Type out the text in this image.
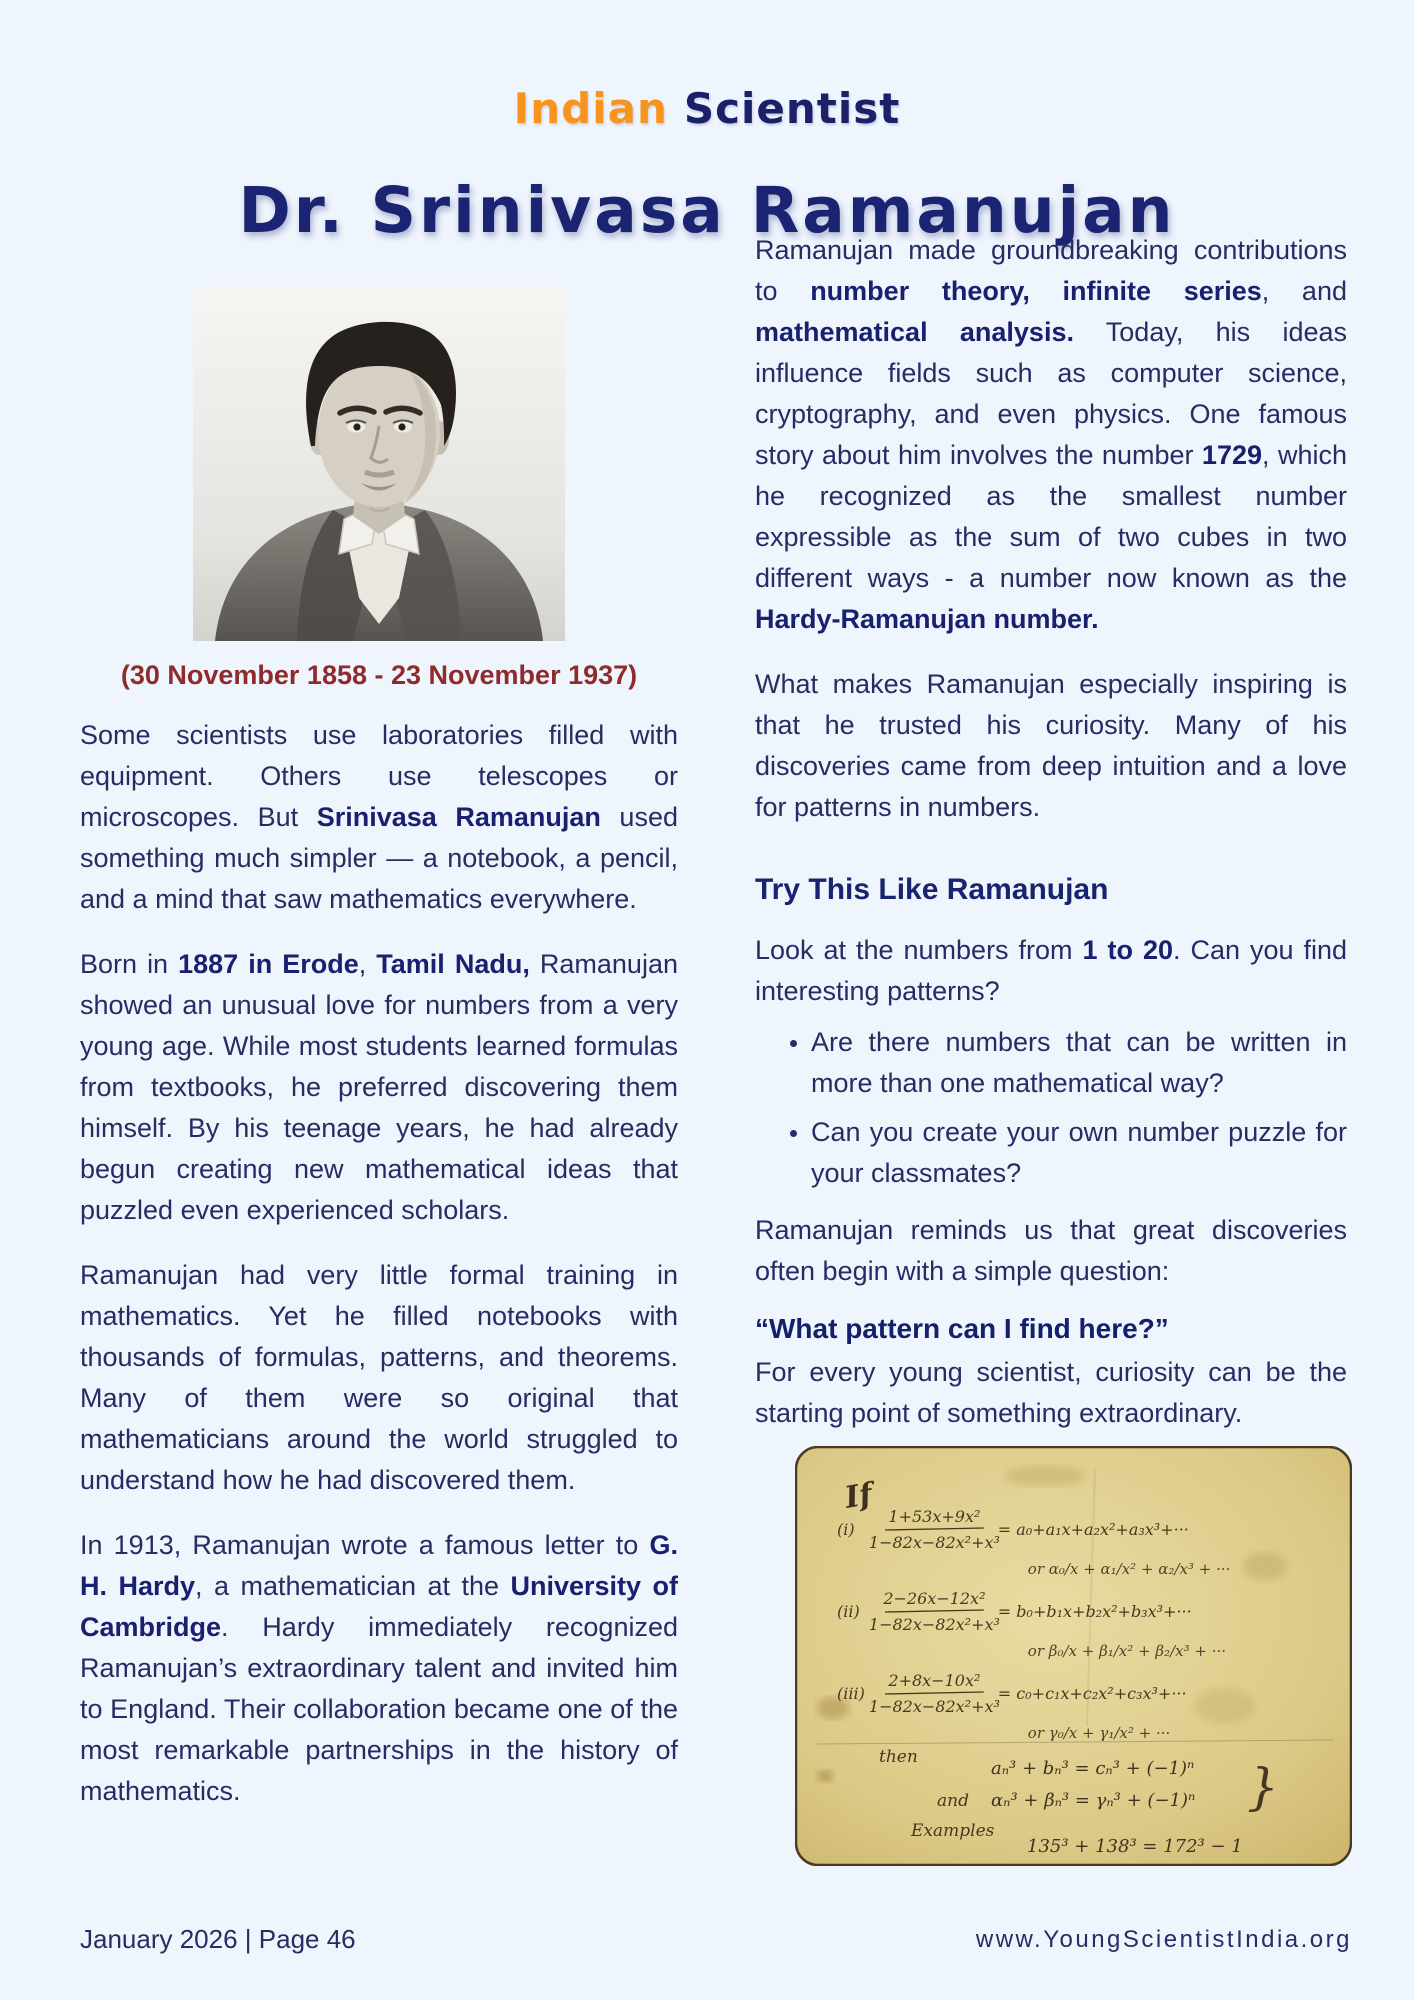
Indian Scientist
Dr. Srinivasa Ramanujan
(30 November 1858 - 23 November 1937)

Some scientists use laboratories filled with equipment. Others use telescopes or microscopes. But Srinivasa Ramanujan used something much simpler — a notebook, a pencil, and a mind that saw mathematics everywhere.

Born in 1887 in Erode, Tamil Nadu, Ramanujan showed an unusual love for numbers from a very young age. While most students learned formulas from textbooks, he preferred discovering them himself. By his teenage years, he had already begun creating new mathematical ideas that puzzled even experienced scholars.

Ramanujan had very little formal training in mathematics. Yet he filled notebooks with thousands of formulas, patterns, and theorems. Many of them were so original that mathematicians around the world struggled to understand how he had discovered them.

In 1913, Ramanujan wrote a famous letter to G. H. Hardy, a mathematician at the University of Cambridge. Hardy immediately recognized Ramanujan’s extraordinary talent and invited him to England. Their collaboration became one of the most remarkable partnerships in the history of mathematics.

Ramanujan made groundbreaking contributions to number theory, infinite series, and mathematical analysis. Today, his ideas influence fields such as computer science, cryptography, and even physics. One famous story about him involves the number 1729, which he recognized as the smallest number expressible as the sum of two cubes in two different ways - a number now known as the Hardy-Ramanujan number.

What makes Ramanujan especially inspiring is that he trusted his curiosity. Many of his discoveries came from deep intuition and a love for patterns in numbers.

Try This Like Ramanujan

Look at the numbers from 1 to 20. Can you find interesting patterns?

• Are there numbers that can be written in more than one mathematical way?
• Can you create your own number puzzle for your classmates?

Ramanujan reminds us that great discoveries often begin with a simple question:

“What pattern can I find here?”

For every young scientist, curiosity can be the starting point of something extraordinary.

If
(i)
1+53x+9x²
1−82x−82x²+x³
= a₀+a₁x+a₂x²+a₃x³+···
or α₀/x + α₁/x² + α₂/x³ + ···
(ii)
2−26x−12x²
1−82x−82x²+x³
= b₀+b₁x+b₂x²+b₃x³+···
or β₀/x + β₁/x² + β₂/x³ + ···
(iii)
2+8x−10x²
1−82x−82x²+x³
= c₀+c₁x+c₂x²+c₃x³+···
or γ₀/x + γ₁/x² + ···
then
aₙ³ + bₙ³ = cₙ³ + (−1)ⁿ
and αₙ³ + βₙ³ = γₙ³ + (−1)ⁿ }
Examples
135³ + 138³ = 172³ − 1
January 2026 | Page 46	www.YoungScientistIndia.org
